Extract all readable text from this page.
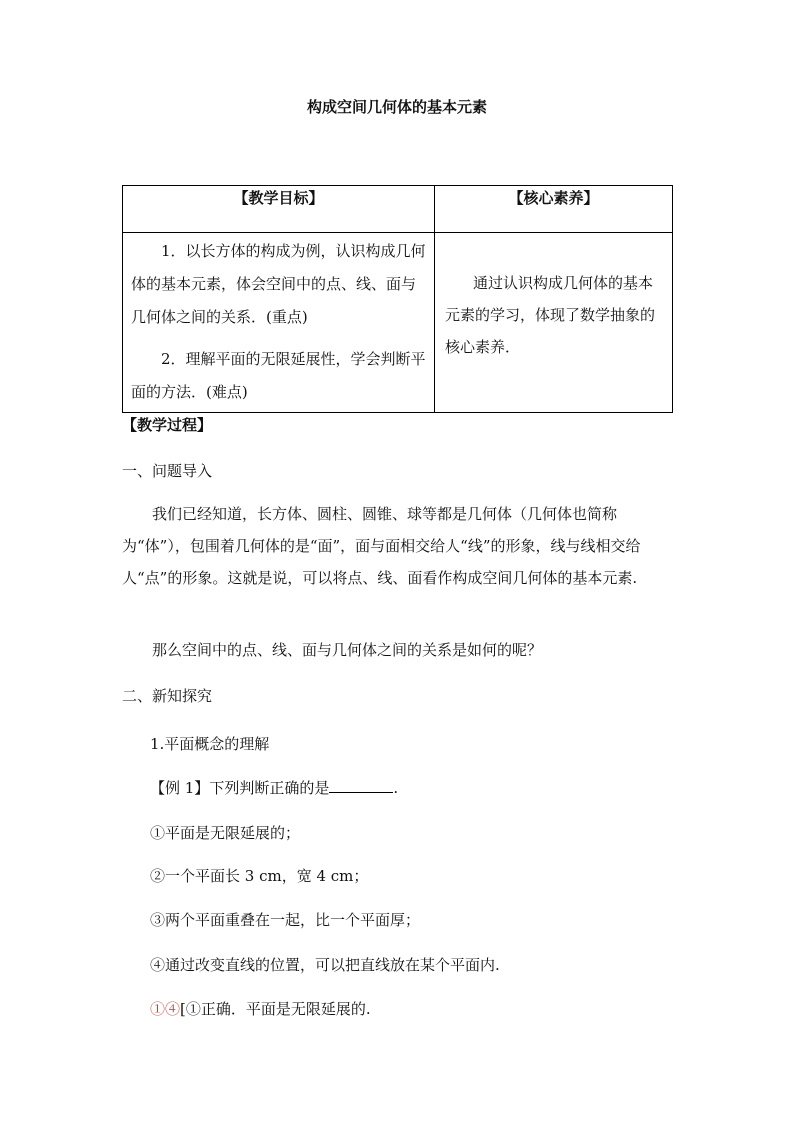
构成空间几何体的基本元素
【教学目标】	【核心素养】

1．以长方体的构成为例，认识构成几何体的基本元素，体会空间中的点、线、面与几何体之间的关系．(重点)

2．理解平面的无限延展性，学会判断平面的方法．(难点)	通过认识构成几何体的基本元素的学习，体现了数学抽象的核心素养．

【教学过程】
一、问题导入

我们已经知道，长方体、圆柱、圆锥、球等都是几何体（几何体也简称为“体”），包围着几何体的是“面”，面与面相交给人“线”的形象，线与线相交给人“点”的形象。这就是说，可以将点、线、面看作构成空间几何体的基本元素.

那么空间中的点、线、面与几何体之间的关系是如何的呢？

二、新知探究
1.平面概念的理解
【例 1】下列判断正确的是	.
①平面是无限延展的；
②一个平面长 3 cm，宽 4 cm；
③两个平面重叠在一起，比一个平面厚；
④通过改变直线的位置，可以把直线放在某个平面内.
①④[①正确．平面是无限延展的.
